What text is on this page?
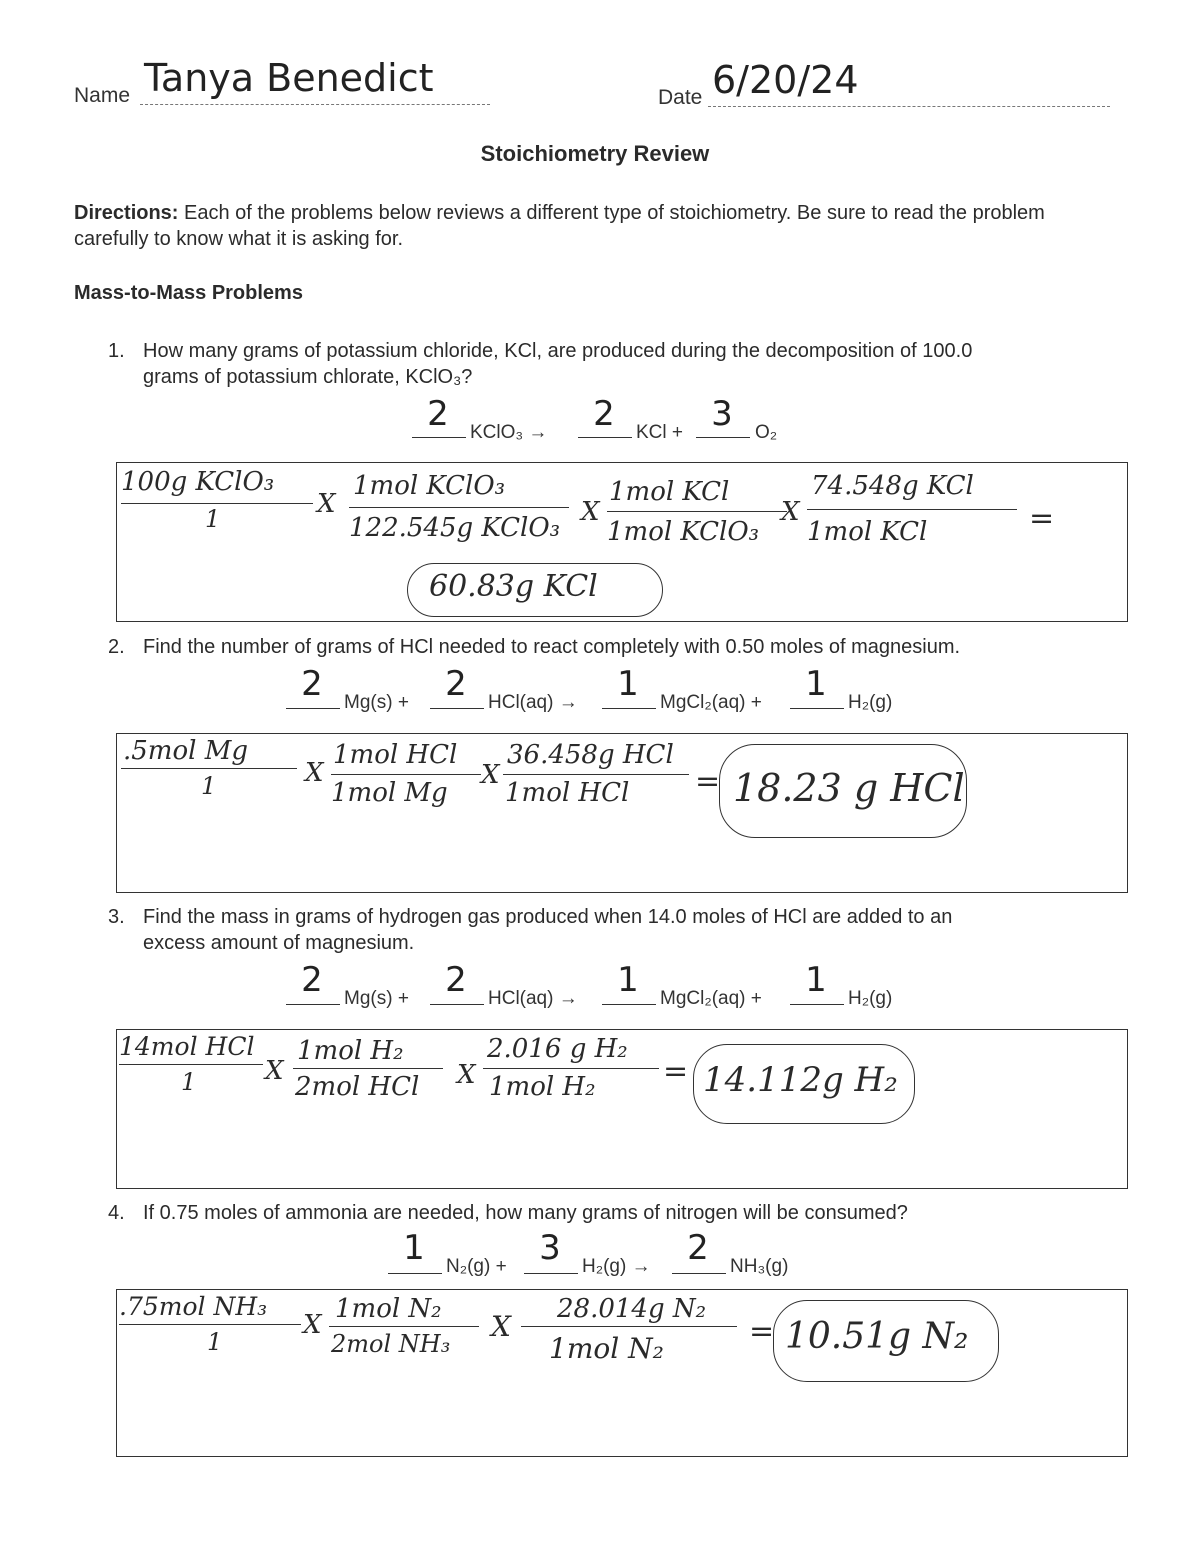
Name Tanya Benedict	Date 6/20/24
Stoichiometry Review
Directions: Each of the problems below reviews a different type of stoichiometry. Be sure to read the problem carefully to know what it is asking for.
Mass-to-Mass Problems
1. How many grams of potassium chloride, KCl, are produced during the decomposition of 100.0
grams of potassium chlorate, KClO₃?
2	KClO₃ →	2	KCl + 3	O₂
100g KClO₃
1	X
1mol KClO₃
122.545g KClO₃
X
1mol KCl
1mol KClO₃
X
74.548g KCl
1mol KCl	=
60.83g KCl
2. Find the number of grams of HCl needed to react completely with 0.50 moles of magnesium.
2	Mg(s) +	2	HCl(aq) →	1	MgCl₂(aq) +	1	H₂(g)
.5mol Mg
1	X
1mol HCl
1mol Mg
X
36.458g HCl
1mol HCl = 18.23 g HCl
3. Find the mass in grams of hydrogen gas produced when 14.0 moles of HCl are added to an
excess amount of magnesium.
2	Mg(s) +	2	HCl(aq) →	1	MgCl₂(aq) +	1	H₂(g)
14mol HCl
1	X
1mol H₂
2mol HCl X
2.016 g H₂
1mol H₂ = 14.112g H₂
4. If 0.75 moles of ammonia are needed, how many grams of nitrogen will be consumed?
1	N₂(g) + 3	H₂(g) →	2	NH₃(g)
.75mol NH₃
1
X
1mol N₂
2mol NH₃
X
28.014g N₂
1mol N₂	= 10.51g N₂
